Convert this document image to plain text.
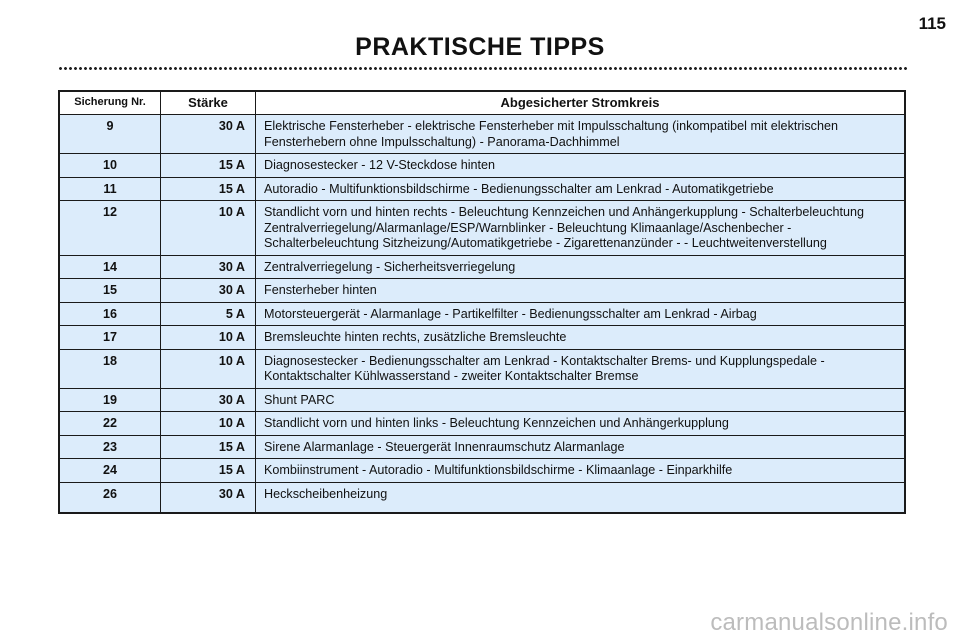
115
PRAKTISCHE TIPPS
Sicherung Nr.	Stärke	Abgesicherter Stromkreis
9	30 A	Elektrische Fensterheber - elektrische Fensterheber mit Impulsschaltung (inkompatibel mit elektrischen Fensterhebern ohne Impulsschaltung) - Panorama-Dachhimmel
10	15 A	Diagnosestecker - 12 V-Steckdose hinten
11	15 A	Autoradio - Multifunktionsbildschirme - Bedienungsschalter am Lenkrad - Automatikgetriebe
12	10 A	Standlicht vorn und hinten rechts - Beleuchtung Kennzeichen und Anhängerkupplung - Schalterbeleuchtung Zentralverriegelung/Alarmanlage/ESP/Warnblinker - Beleuchtung Klimaanlage/Aschenbecher - Schalterbeleuchtung Sitzheizung/Automatikgetriebe - Zigarettenanzünder - - Leuchtweitenverstellung
14	30 A	Zentralverriegelung - Sicherheitsverriegelung
15	30 A	Fensterheber hinten
16	5 A	Motorsteuergerät - Alarmanlage - Partikelfilter - Bedienungsschalter am Lenkrad - Airbag
17	10 A	Bremsleuchte hinten rechts, zusätzliche Bremsleuchte
18	10 A	Diagnosestecker - Bedienungsschalter am Lenkrad - Kontaktschalter Brems- und Kupplungspedale - Kontaktschalter Kühlwasserstand - zweiter Kontaktschalter Bremse
19	30 A	Shunt PARC
22	10 A	Standlicht vorn und hinten links - Beleuchtung Kennzeichen und Anhängerkupplung
23	15 A	Sirene Alarmanlage - Steuergerät Innenraumschutz Alarmanlage
24	15 A	Kombiinstrument - Autoradio - Multifunktionsbildschirme - Klimaanlage - Einparkhilfe
26	30 A	Heckscheibenheizung
carmanualsonline.info
